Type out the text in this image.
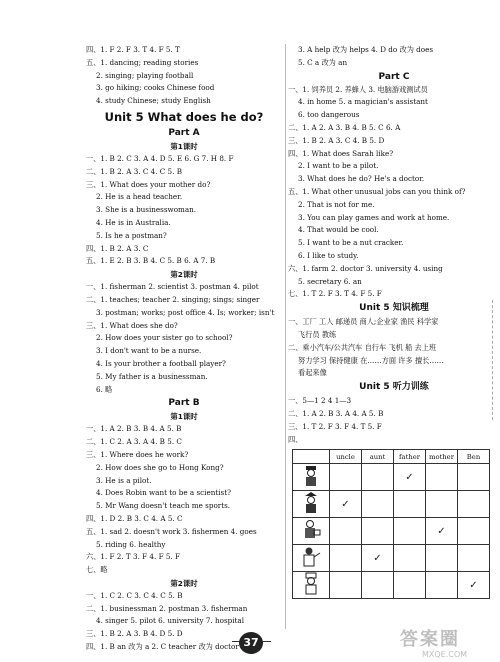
四、1. F 2. F 3. T 4. F 5. T
五、1. dancing; reading stories
2. singing; playing football
3. go hiking; cooks Chinese food
4. study Chinese; study English
Unit 5 What does he do?
Part A
第1课时
一、1. B 2. C 3. A 4. D 5. E 6. G 7. H 8. F
二、1. B 2. A 3. C 4. C 5. B
三、1. What does your mother do?
2. He is a head teacher.
3. She is a businesswoman.
4. He is in Australia.
5. Is he a postman?
四、1. B 2. A 3. C
五、1. E 2. B 3. B 4. C 5. B 6. A 7. B
第2课时
一、1. fisherman 2. scientist 3. postman 4. pilot
二、1. teaches; teacher 2. singing; sings; singer
3. postman; works; post office 4. Is; worker; isn't
三、1. What does she do?
2. How does your sister go to school?
3. I don't want to be a nurse.
4. Is your brother a football player?
5. My father is a businessman.
6. 略
Part B
第1课时
一、1. A 2. B 3. B 4. A 5. B
二、1. C 2. A 3. A 4. B 5. C
三、1. Where does he work?
2. How does she go to Hong Kong?
3. He is a pilot.
4. Does Robin want to be a scientist?
5. Mr Wang doesn't teach me sports.
四、1. D 2. B 3. C 4. A 5. C
五、1. sad 2. doesn't work 3. fishermen 4. goes
5. riding 6. healthy
六、1. F 2. T 3. F 4. F 5. F
七、略
第2课时
一、1. C 2. C 3. C 4. C 5. B
二、1. businessman 2. postman 3. fisherman
4. singer 5. pilot 6. university 7. hospital
三、1. B 2. A 3. B 4. D 5. D
四、1. B an 改为 a 2. C teacher 改为 doctor
3. A help 改为 helps 4. D do 改为 does
5. C a 改为 an
Part C
一、1. 饲养员 2. 养蜂人 3. 电脑游戏测试员
4. in home 5. a magician's assistant
6. too dangerous
二、1. A 2. A 3. B 4. B 5. C 6. A
三、1. B 2. A 3. C 4. B 5. D
四、1. What does Sarah like?
2. I want to be a pilot.
3. What does he do? He's a doctor.
五、1. What other unusual jobs can you think of?
2. That is not for me.
3. You can play games and work at home.
4. That would be cool.
5. I want to be a nut cracker.
6. I like to study.
六、1. farm 2. doctor 3. university 4. using
5. secretary 6. an
七、1. T 2. F 3. T 4. F 5. F
Unit 5 知识梳理
一、工厂 工人 邮递员 商人;企业家 渔民 科学家
飞行员 教练
二、乘小汽车/公共汽车 自行车 飞机 船 去上班
努力学习 保持健康 在……方面 许多 擅长……
看起来像
Unit 5 听力训练
一、5—1 2 4 1—3
二、1. A 2. B 3. A 4. A 5. B
三、1. T 2. F 3. F 4. T 5. F
四、
	uncle	aunt	father	mother	Ben
			✓		
	✓				
				✓	
		✓			
					✓
37	答案圈
MXQE.COM
